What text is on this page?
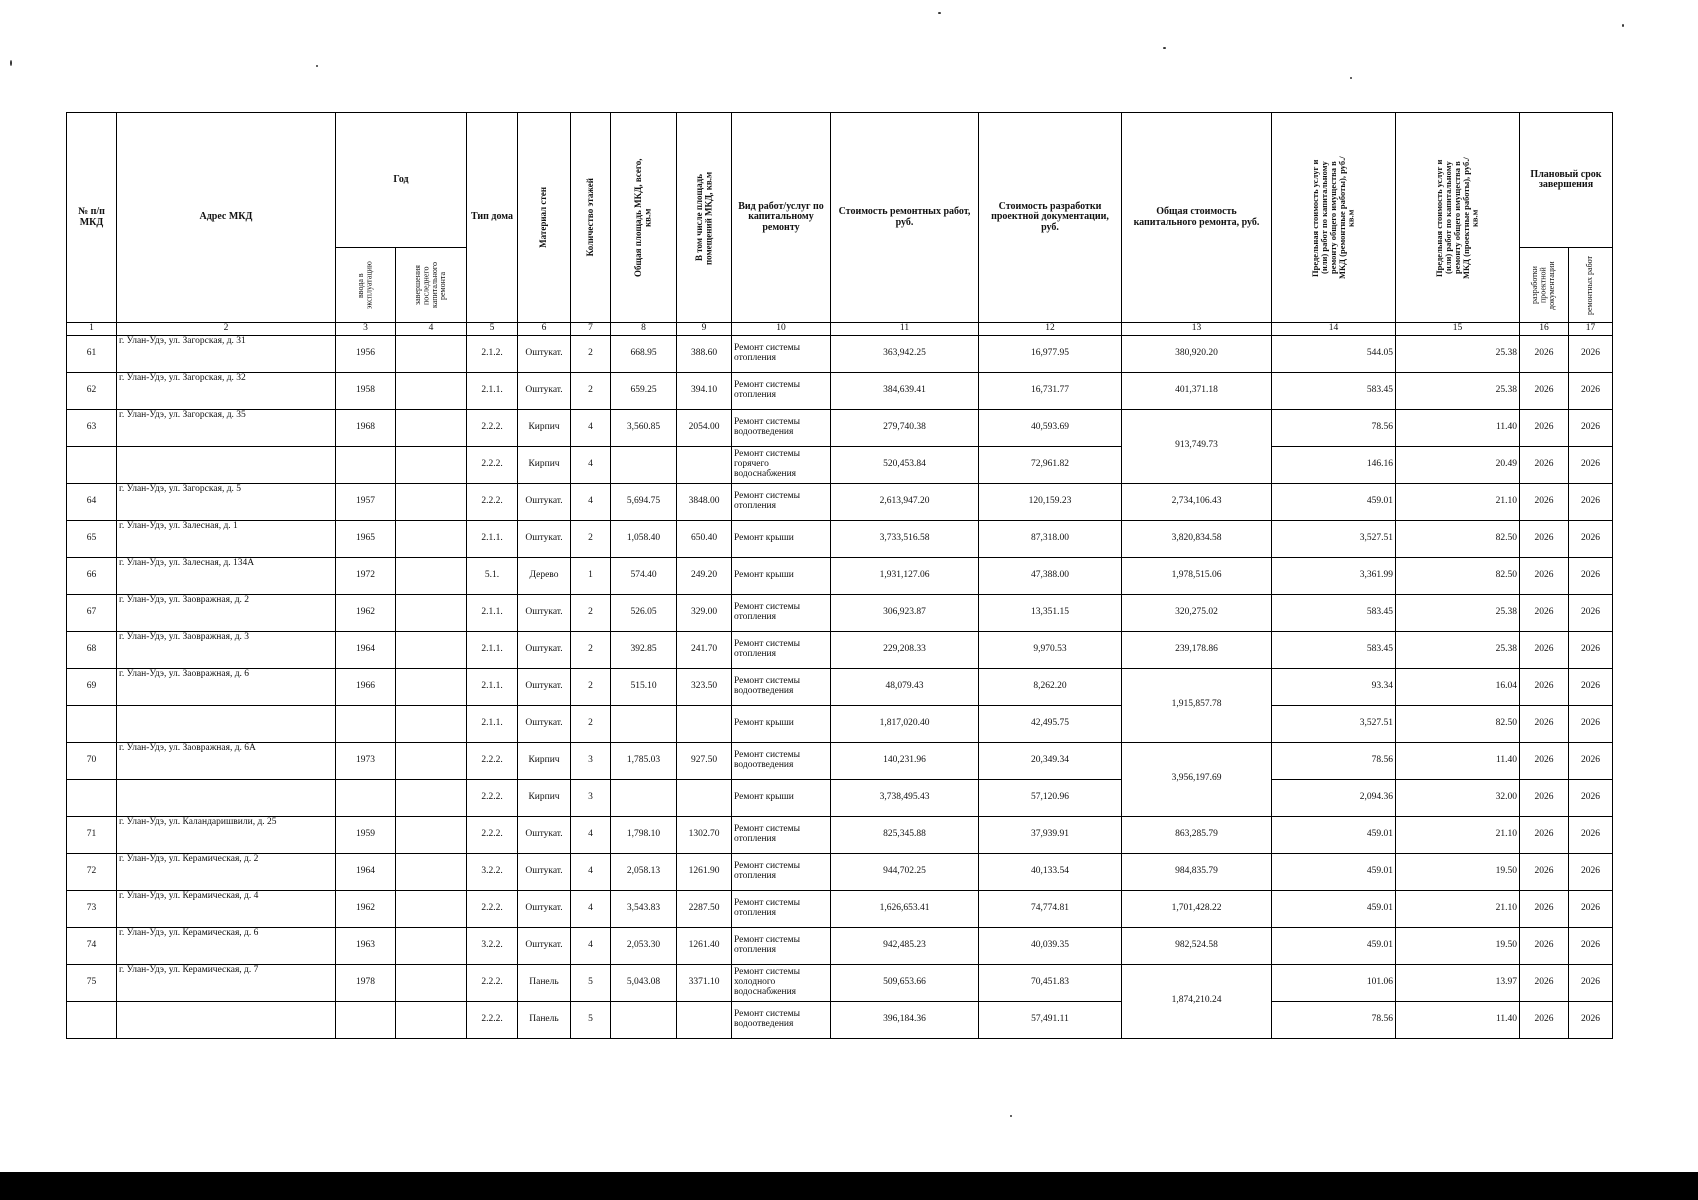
№ п/п МКД	Адрес МКД	Год		Тип дома	Материал стен	Количество этажей	Общая площадь МКД, всего, кв.м	В том числе площадь помещений МКД, кв.м	Вид работ/услуг по капитальному ремонту	Стоимость ремонтных работ, руб.	Стоимость разработки проектной документации, руб.	Общая стоимость капитального ремонта, руб.	Предельная стоимость услуг и (или) работ по капитальному ремонту общего имущества в МКД (ремонтные работы), руб./кв.м	Предельная стоимость услуг и (или) работ по капитальному ремонту общего имущества в МКД (проектные работы), руб./кв.м	Плановый срок завершения	

		ввода в эксплуатацию	завершения последнего капитального ремонта												разработки проектной документации	ремонтных работ

1	2	3	4	5	6	7	8	9	10	11	12	13	14	15	16	17
61	г. Улан-Удэ, ул. Загорская, д. 31	1956		2.1.2.	Оштукат.	2	668.95	388.60	Ремонт системы отопления	363,942.25	16,977.95	380,920.20	544.05	25.38	2026	2026
62	г. Улан-Удэ, ул. Загорская, д. 32	1958		2.1.1.	Оштукат.	2	659.25	394.10	Ремонт системы отопления	384,639.41	16,731.77	401,371.18	583.45	25.38	2026	2026
63	г. Улан-Удэ, ул. Загорская, д. 35	1968		2.2.2.	Кирпич	4	3,560.85	2054.00	Ремонт системы водоотведения	279,740.38	40,593.69	913,749.73	78.56	11.40	2026	2026
				2.2.2.	Кирпич	4			Ремонт системы горячего водоснабжения	520,453.84	72,961.82		146.16	20.49	2026	2026
64	г. Улан-Удэ, ул. Загорская, д. 5	1957		2.2.2.	Оштукат.	4	5,694.75	3848.00	Ремонт системы отопления	2,613,947.20	120,159.23	2,734,106.43	459.01	21.10	2026	2026
65	г. Улан-Удэ, ул. Залесная, д. 1	1965		2.1.1.	Оштукат.	2	1,058.40	650.40	Ремонт крыши	3,733,516.58	87,318.00	3,820,834.58	3,527.51	82.50	2026	2026
66	г. Улан-Удэ, ул. Залесная, д. 134А	1972		5.1.	Дерево	1	574.40	249.20	Ремонт крыши	1,931,127.06	47,388.00	1,978,515.06	3,361.99	82.50	2026	2026
67	г. Улан-Удэ, ул. Заовражная, д. 2	1962		2.1.1.	Оштукат.	2	526.05	329.00	Ремонт системы отопления	306,923.87	13,351.15	320,275.02	583.45	25.38	2026	2026
68	г. Улан-Удэ, ул. Заовражная, д. 3	1964		2.1.1.	Оштукат.	2	392.85	241.70	Ремонт системы отопления	229,208.33	9,970.53	239,178.86	583.45	25.38	2026	2026
69	г. Улан-Удэ, ул. Заовражная, д. 6	1966		2.1.1.	Оштукат.	2	515.10	323.50	Ремонт системы водоотведения	48,079.43	8,262.20	1,915,857.78	93.34	16.04	2026	2026
				2.1.1.	Оштукат.	2			Ремонт крыши	1,817,020.40	42,495.75		3,527.51	82.50	2026	2026
70	г. Улан-Удэ, ул. Заовражная, д. 6А	1973		2.2.2.	Кирпич	3	1,785.03	927.50	Ремонт системы водоотведения	140,231.96	20,349.34	3,956,197.69	78.56	11.40	2026	2026
				2.2.2.	Кирпич	3			Ремонт крыши	3,738,495.43	57,120.96		2,094.36	32.00	2026	2026
71	г. Улан-Удэ, ул. Каландаришвили, д. 25	1959		2.2.2.	Оштукат.	4	1,798.10	1302.70	Ремонт системы отопления	825,345.88	37,939.91	863,285.79	459.01	21.10	2026	2026
72	г. Улан-Удэ, ул. Керамическая, д. 2	1964		3.2.2.	Оштукат.	4	2,058.13	1261.90	Ремонт системы отопления	944,702.25	40,133.54	984,835.79	459.01	19.50	2026	2026
73	г. Улан-Удэ, ул. Керамическая, д. 4	1962		2.2.2.	Оштукат.	4	3,543.83	2287.50	Ремонт системы отопления	1,626,653.41	74,774.81	1,701,428.22	459.01	21.10	2026	2026
74	г. Улан-Удэ, ул. Керамическая, д. 6	1963		3.2.2.	Оштукат.	4	2,053.30	1261.40	Ремонт системы отопления	942,485.23	40,039.35	982,524.58	459.01	19.50	2026	2026
75	г. Улан-Удэ, ул. Керамическая, д. 7	1978		2.2.2.	Панель	5	5,043.08	3371.10	Ремонт системы холодного водоснабжения	509,653.66	70,451.83	1,874,210.24	101.06	13.97	2026	2026
				2.2.2.	Панель	5			Ремонт системы водоотведения	396,184.36	57,491.11		78.56	11.40	2026	2026
